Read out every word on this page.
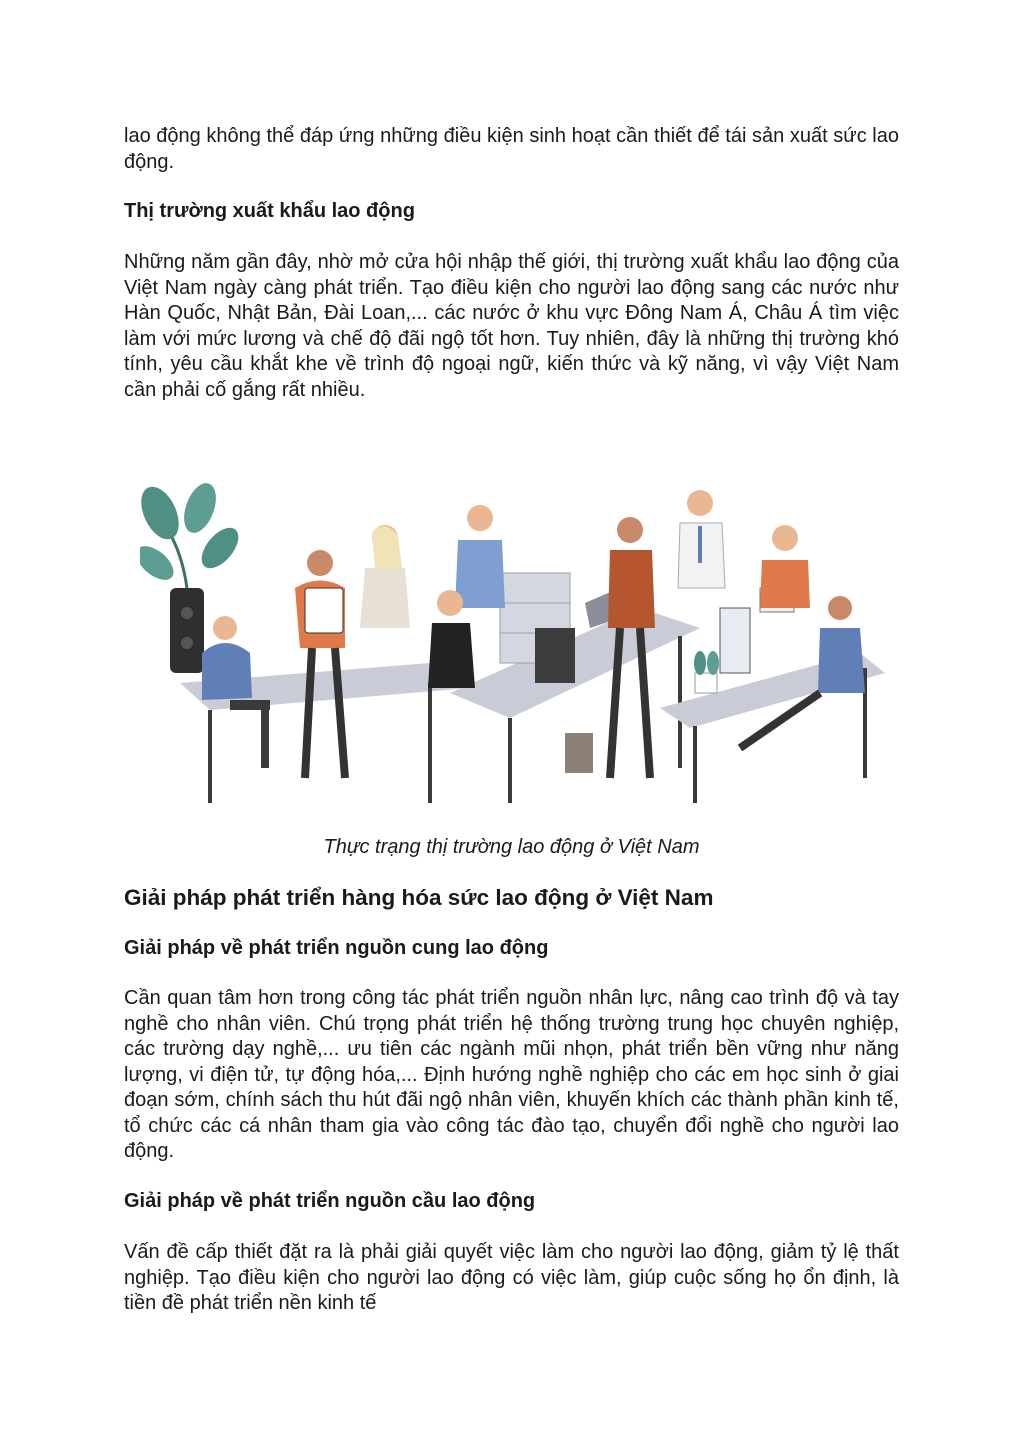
lao động không thể đáp ứng những điều kiện sinh hoạt cần thiết để tái sản xuất sức lao động.

Thị trường xuất khẩu lao động

Những năm gần đây, nhờ mở cửa hội nhập thế giới, thị trường xuất khẩu lao động của Việt Nam ngày càng phát triển. Tạo điều kiện cho người lao động sang các nước như Hàn Quốc, Nhật Bản, Đài Loan,... các nước ở khu vực Đông Nam Á, Châu Á tìm việc làm với mức lương và chế độ đãi ngộ tốt hơn. Tuy nhiên, đây là những thị trường khó tính, yêu cầu khắt khe về trình độ ngoại ngữ, kiến thức và kỹ năng, vì vậy Việt Nam cần phải cố gắng rất nhiều.

Thực trạng thị trường lao động ở Việt Nam

Giải pháp phát triển hàng hóa sức lao động ở Việt Nam
Giải pháp về phát triển nguồn cung lao động

Cần quan tâm hơn trong công tác phát triển nguồn nhân lực, nâng cao trình độ và tay nghề cho nhân viên. Chú trọng phát triển hệ thống trường trung học chuyên nghiệp, các trường dạy nghề,... ưu tiên các ngành mũi nhọn, phát triển bền vững như năng lượng, vi điện tử, tự động hóa,... Định hướng nghề nghiệp cho các em học sinh ở giai đoạn sớm, chính sách thu hút đãi ngộ nhân viên, khuyến khích các thành phần kinh tế, tổ chức các cá nhân tham gia vào công tác đào tạo, chuyển đổi nghề cho người lao động.

Giải pháp về phát triển nguồn cầu lao động

Vấn đề cấp thiết đặt ra là phải giải quyết việc làm cho người lao động, giảm tỷ lệ thất nghiệp. Tạo điều kiện cho người lao động có việc làm, giúp cuộc sống họ ổn định, là tiền đề phát triển nền kinh tế
